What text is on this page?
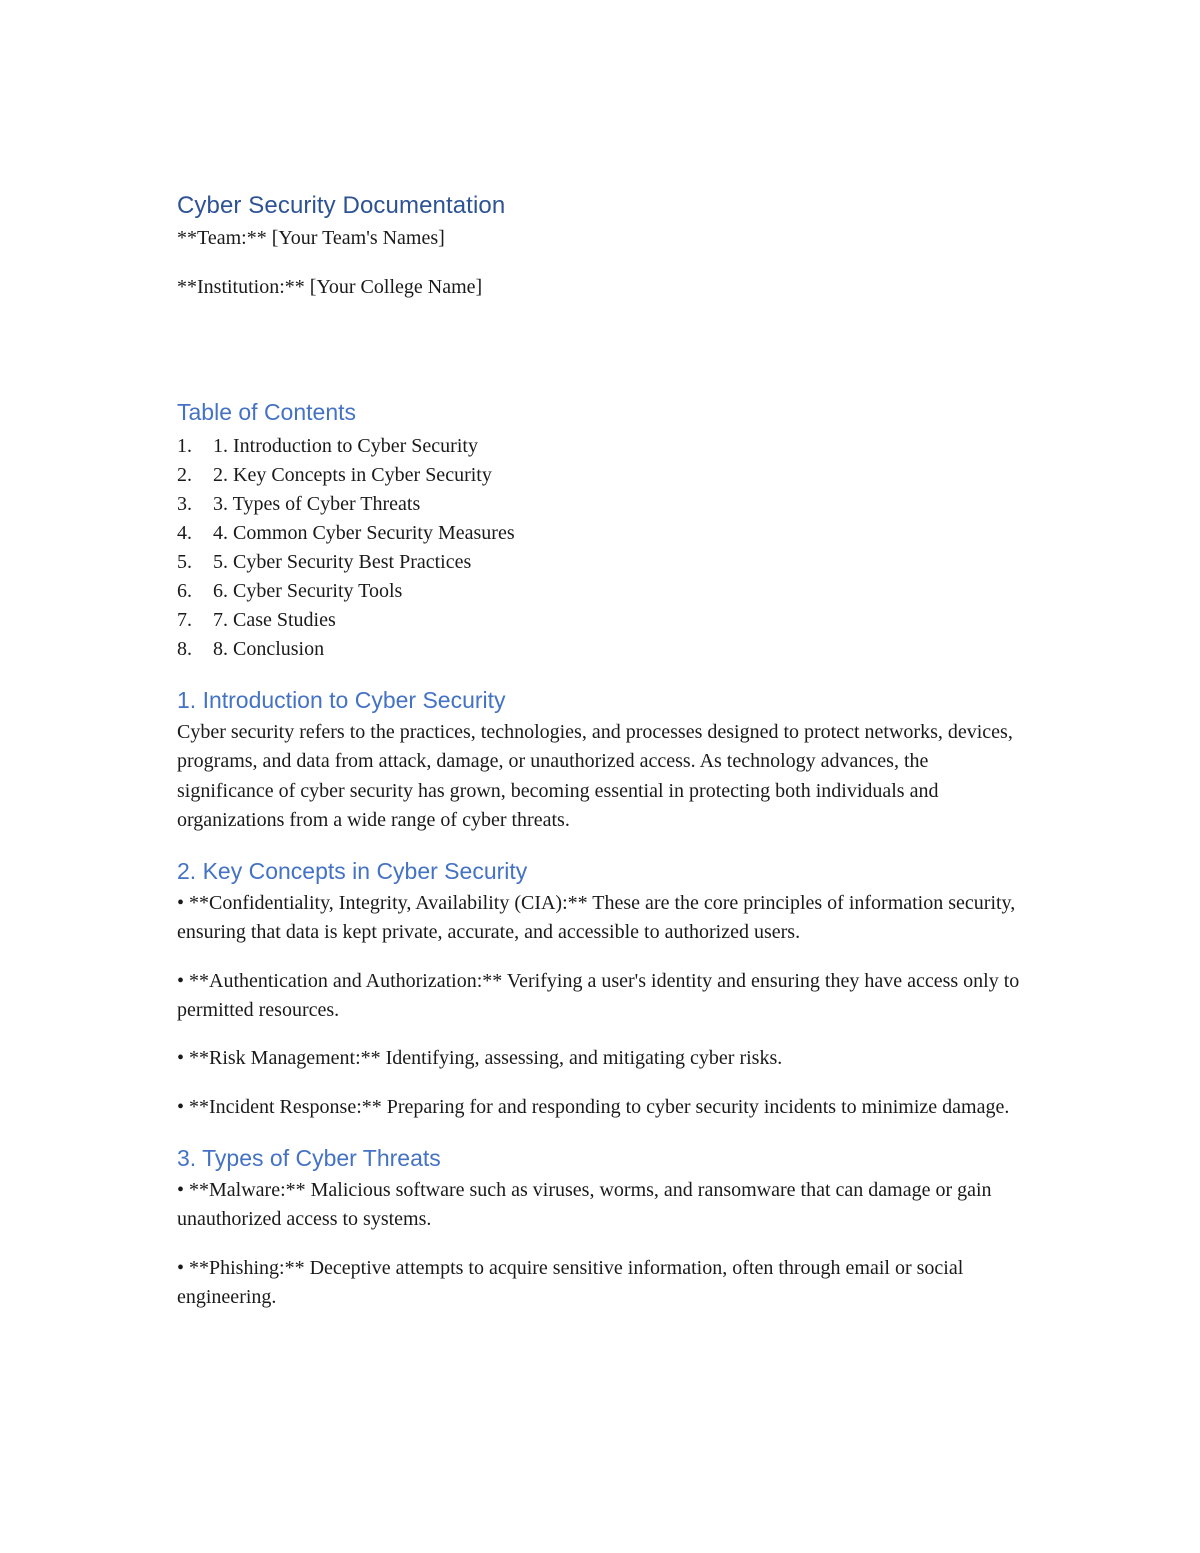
Cyber Security Documentation

**Team:** [Your Team's Names]

**Institution:** [Your College Name]

Table of Contents
1.	1. Introduction to Cyber Security
2.	2. Key Concepts in Cyber Security
3.	3. Types of Cyber Threats
4.	4. Common Cyber Security Measures
5.	5. Cyber Security Best Practices
6.	6. Cyber Security Tools
7.	7. Case Studies
8.	8. Conclusion
1. Introduction to Cyber Security

Cyber security refers to the practices, technologies, and processes designed to protect networks, devices, programs, and data from attack, damage, or unauthorized access. As technology advances, the significance of cyber security has grown, becoming essential in protecting both individuals and organizations from a wide range of cyber threats.

2. Key Concepts in Cyber Security

• **Confidentiality, Integrity, Availability (CIA):** These are the core principles of information security, ensuring that data is kept private, accurate, and accessible to authorized users.

• **Authentication and Authorization:** Verifying a user's identity and ensuring they have access only to permitted resources.

• **Risk Management:** Identifying, assessing, and mitigating cyber risks.

• **Incident Response:** Preparing for and responding to cyber security incidents to minimize damage.

3. Types of Cyber Threats

• **Malware:** Malicious software such as viruses, worms, and ransomware that can damage or gain unauthorized access to systems.

• **Phishing:** Deceptive attempts to acquire sensitive information, often through email or social engineering.
